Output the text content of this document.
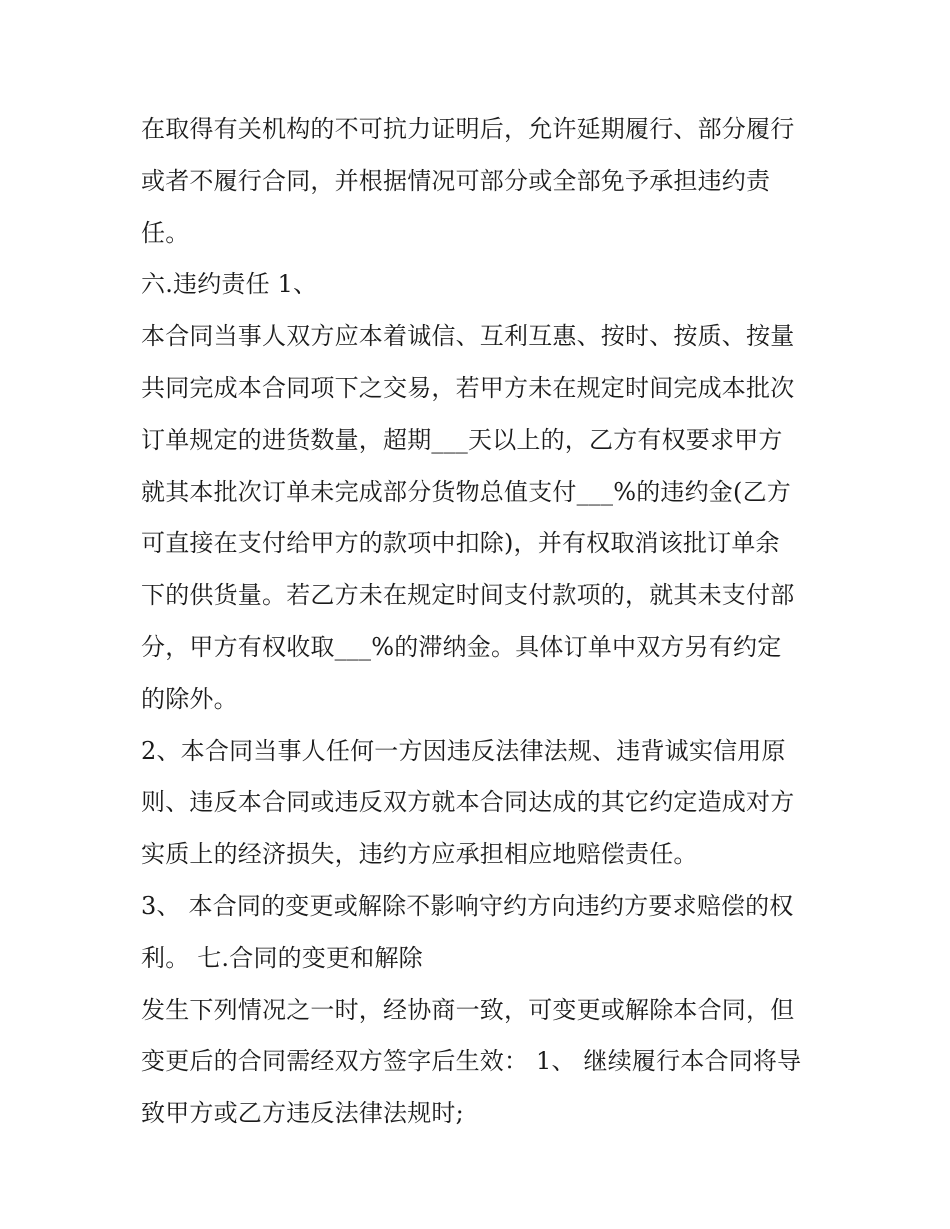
在取得有关机构的不可抗力证明后，允许延期履行、部分履行
或者不履行合同，并根据情况可部分或全部免予承担违约责
任。
六.违约责任 1、
本合同当事人双方应本着诚信、互利互惠、按时、按质、按量
共同完成本合同项下之交易，若甲方未在规定时间完成本批次
订单规定的进货数量，超期___天以上的，乙方有权要求甲方
就其本批次订单未完成部分货物总值支付___%的违约金(乙方
可直接在支付给甲方的款项中扣除)，并有权取消该批订单余
下的供货量。若乙方未在规定时间支付款项的，就其未支付部
分，甲方有权收取___%的滞纳金。具体订单中双方另有约定
的除外。
2、本合同当事人任何一方因违反法律法规、违背诚实信用原
则、违反本合同或违反双方就本合同达成的其它约定造成对方
实质上的经济损失，违约方应承担相应地赔偿责任。
3、 本合同的变更或解除不影响守约方向违约方要求赔偿的权
利。 七.合同的变更和解除
发生下列情况之一时，经协商一致，可变更或解除本合同，但
变更后的合同需经双方签字后生效： 1、 继续履行本合同将导
致甲方或乙方违反法律法规时;
